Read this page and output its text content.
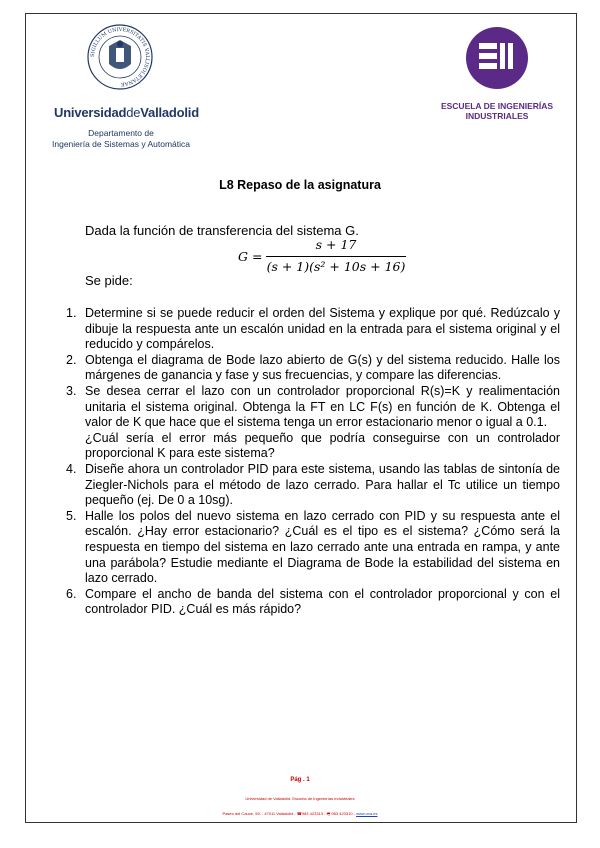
SIGILLUM UNIVERSITATIS VALLISOLETANAE
UniversidaddeValladolid
Departamento de
Ingeniería de Sistemas y Automática
ESCUELA DE INGENIERÍAS
INDUSTRIALES
L8 Repaso de la asignatura
Dada la función de transferencia del sistema G.
G =
s + 17
(s + 1)(s² + 10s + 16)
Se pide:
1. Determine si se puede reducir el orden del Sistema y explique por qué. Redúzcalo y dibuje la respuesta ante un escalón unidad en la entrada para el sistema original y el reducido y compárelos.

2. Obtenga el diagrama de Bode lazo abierto de G(s) y del sistema reducido. Halle los márgenes de ganancia y fase y sus frecuencias, y compare las diferencias.

3. Se desea cerrar el lazo con un controlador proporcional R(s)=K y realimentación unitaria el sistema original. Obtenga la FT en LC F(s) en función de K. Obtenga el valor de K que hace que el sistema tenga un error estacionario menor o igual a 0.1.

¿Cuál sería el error más pequeño que podría conseguirse con un controlador proporcional K para este sistema?

4. Diseñe ahora un controlador PID para este sistema, usando las tablas de sintonía de Ziegler-Nichols para el método de lazo cerrado. Para hallar el Tc utilice un tiempo pequeño (ej. De 0 a 10sg).

5. Halle los polos del nuevo sistema en lazo cerrado con PID y su respuesta ante el escalón. ¿Hay error estacionario? ¿Cuál es el tipo es el sistema? ¿Cómo será la respuesta en tiempo del sistema en lazo cerrado ante una entrada en rampa, y ante una parábola? Estudie mediante el Diagrama de Bode la estabilidad del sistema en lazo cerrado.

6. Compare el ancho de banda del sistema con el controlador proporcional y con el controlador PID. ¿Cuál es más rápido?

Pág . 1
Universidad de Valladolid. Escuela de Ingenierías Industriales
Paseo del Cauce, 59. - 47011 Valladolid - ☎983 423313 - 🖷 983 423310 - www.uva.es
